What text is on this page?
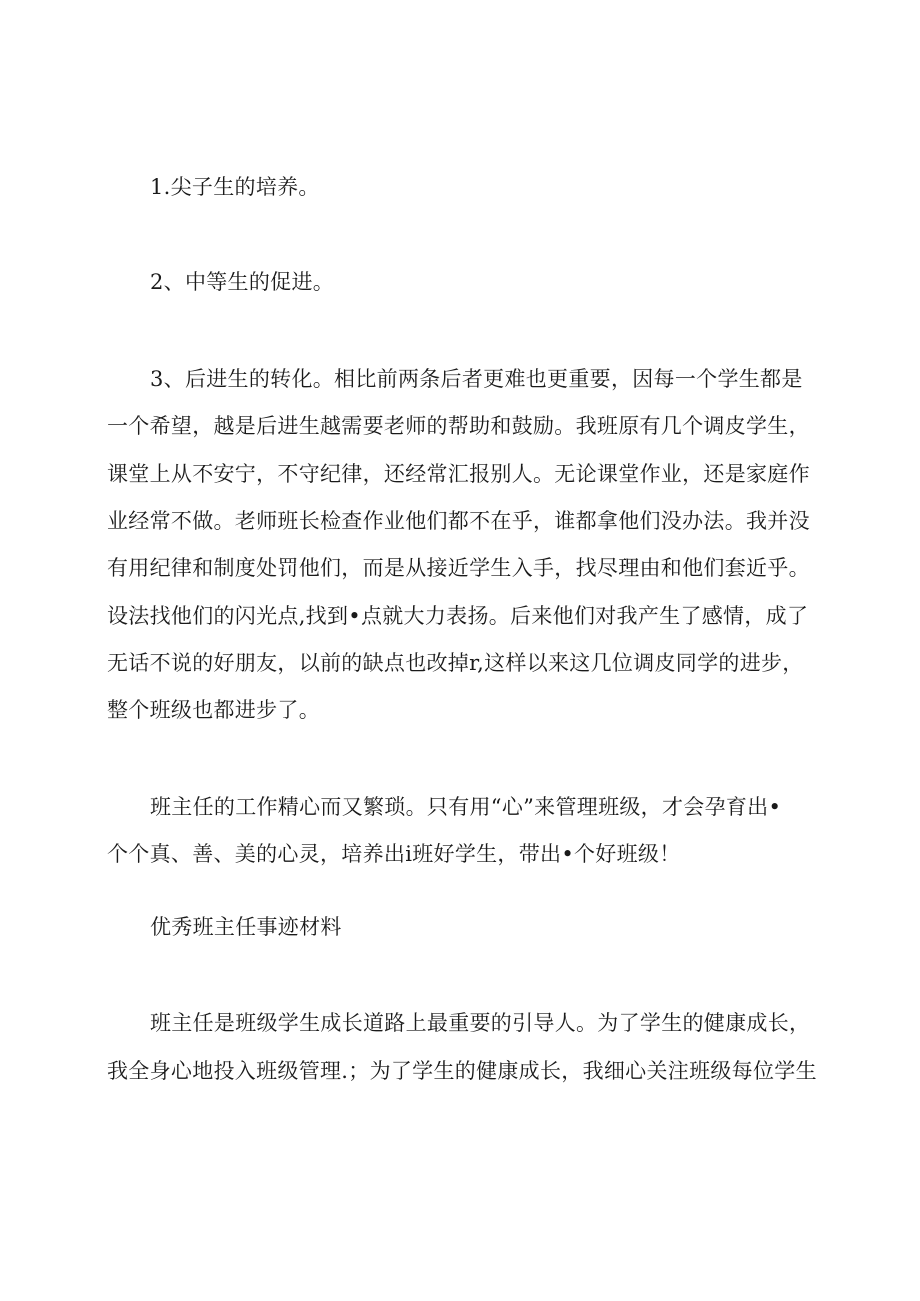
1.尖子生的培养。
2、中等生的促进。
3、后进生的转化。相比前两条后者更难也更重要，因每一个学生都是
一个希望，越是后进生越需要老师的帮助和鼓励。我班原有几个调皮学生，
课堂上从不安宁，不守纪律，还经常汇报别人。无论课堂作业，还是家庭作
业经常不做。老师班长检查作业他们都不在乎，谁都拿他们没办法。我并没
有用纪律和制度处罚他们，而是从接近学生入手，找尽理由和他们套近乎。
设法找他们的闪光点,找到•点就大力表扬。后来他们对我产生了感情，成了
无话不说的好朋友，以前的缺点也改掉r,这样以来这几位调皮同学的进步，
整个班级也都进步了。
班主任的工作精心而又繁琐。只有用“心”来管理班级，才会孕育出•
个个真、善、美的心灵，培养出i班好学生，带出•个好班级！
优秀班主任事迹材料
班主任是班级学生成长道路上最重要的引导人。为了学生的健康成长，
我全身心地投入班级管理.；为了学生的健康成长，我细心关注班级每位学生
